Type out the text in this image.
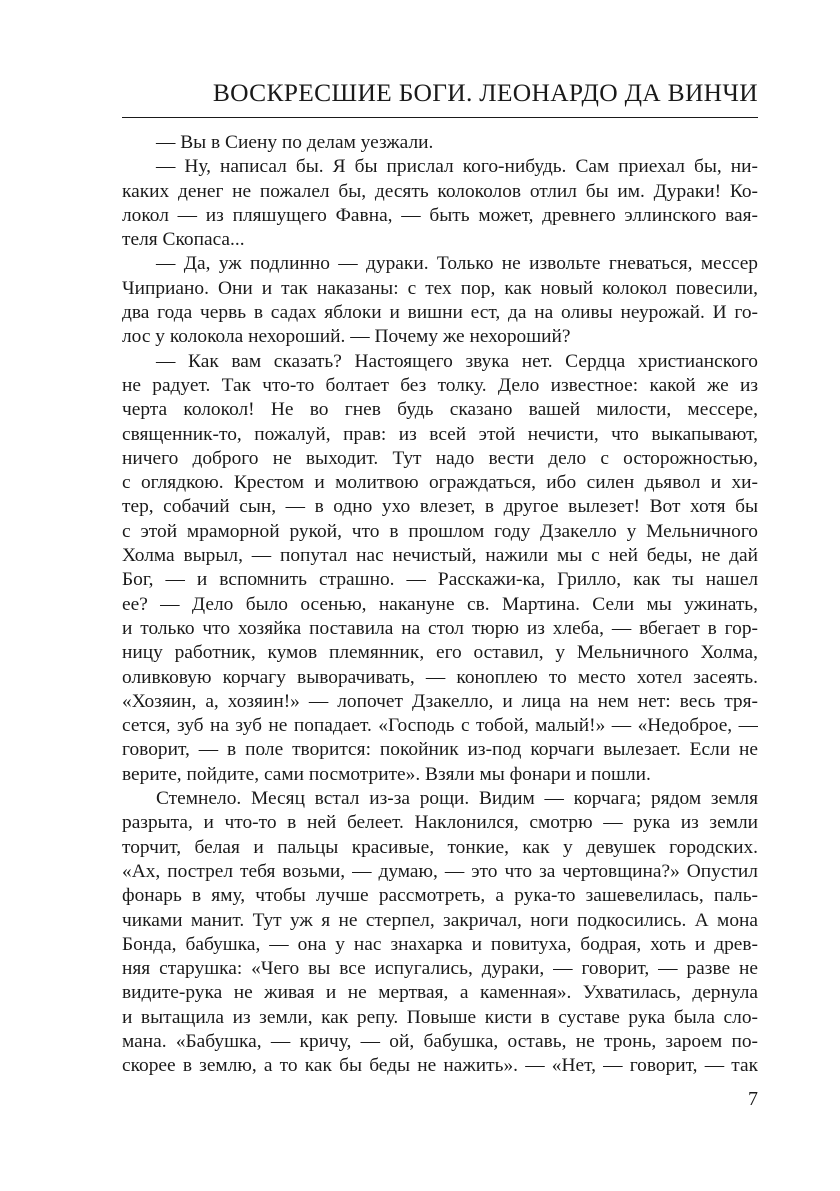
ВОСКРЕСШИЕ БОГИ. ЛЕОНАРДО ДА ВИНЧИ
— Вы в Сиену по делам уезжали.
— Ну, написал бы. Я бы прислал кого-нибудь. Сам приехал бы, ни-
каких денег не пожалел бы, десять колоколов отлил бы им. Дураки! Ко-
локол — из пляшущего Фавна, — быть может, древнего эллинского вая-
теля Скопаса...
— Да, уж подлинно — дураки. Только не извольте гневаться, мессер
Чиприано. Они и так наказаны: с тех пор, как новый колокол повесили,
два года червь в садах яблоки и вишни ест, да на оливы неурожай. И го-
лос у колокола нехороший. — Почему же нехороший?
— Как вам сказать? Настоящего звука нет. Сердца христианского
не радует. Так что-то болтает без толку. Дело известное: какой же из
черта колокол! Не во гнев будь сказано вашей милости, мессере,
священник-то, пожалуй, прав: из всей этой нечисти, что выкапывают,
ничего доброго не выходит. Тут надо вести дело с осторожностью,
с оглядкою. Крестом и молитвою ограждаться, ибо силен дьявол и хи-
тер, собачий сын, — в одно ухо влезет, в другое вылезет! Вот хотя бы
с этой мраморной рукой, что в прошлом году Дзакелло у Мельничного
Холма вырыл, — попутал нас нечистый, нажили мы с ней беды, не дай
Бог, — и вспомнить страшно. — Расскажи-ка, Грилло, как ты нашел
ее? — Дело было осенью, накануне св. Мартина. Сели мы ужинать,
и только что хозяйка поставила на стол тюрю из хлеба, — вбегает в гор-
ницу работник, кумов племянник, его оставил, у Мельничного Холма,
оливковую корчагу выворачивать, — коноплею то место хотел засеять.
«Хозяин, а, хозяин!» — лопочет Дзакелло, и лица на нем нет: весь тря-
сется, зуб на зуб не попадает. «Господь с тобой, малый!» — «Недоброе, —
говорит, — в поле творится: покойник из-под корчаги вылезает. Если не
верите, пойдите, сами посмотрите». Взяли мы фонари и пошли.
Стемнело. Месяц встал из-за рощи. Видим — корчага; рядом земля
разрыта, и что-то в ней белеет. Наклонился, смотрю — рука из земли
торчит, белая и пальцы красивые, тонкие, как у девушек городских.
«Ах, пострел тебя возьми, — думаю, — это что за чертовщина?» Опустил
фонарь в яму, чтобы лучше рассмотреть, а рука-то зашевелилась, паль-
чиками манит. Тут уж я не стерпел, закричал, ноги подкосились. А мона
Бонда, бабушка, — она у нас знахарка и повитуха, бодрая, хоть и древ-
няя старушка: «Чего вы все испугались, дураки, — говорит, — разве не
видите-рука не живая и не мертвая, а каменная». Ухватилась, дернула
и вытащила из земли, как репу. Повыше кисти в суставе рука была сло-
мана. «Бабушка, — кричу, — ой, бабушка, оставь, не тронь, зароем по-
скорее в землю, а то как бы беды не нажить». — «Нет, — говорит, — так
7
